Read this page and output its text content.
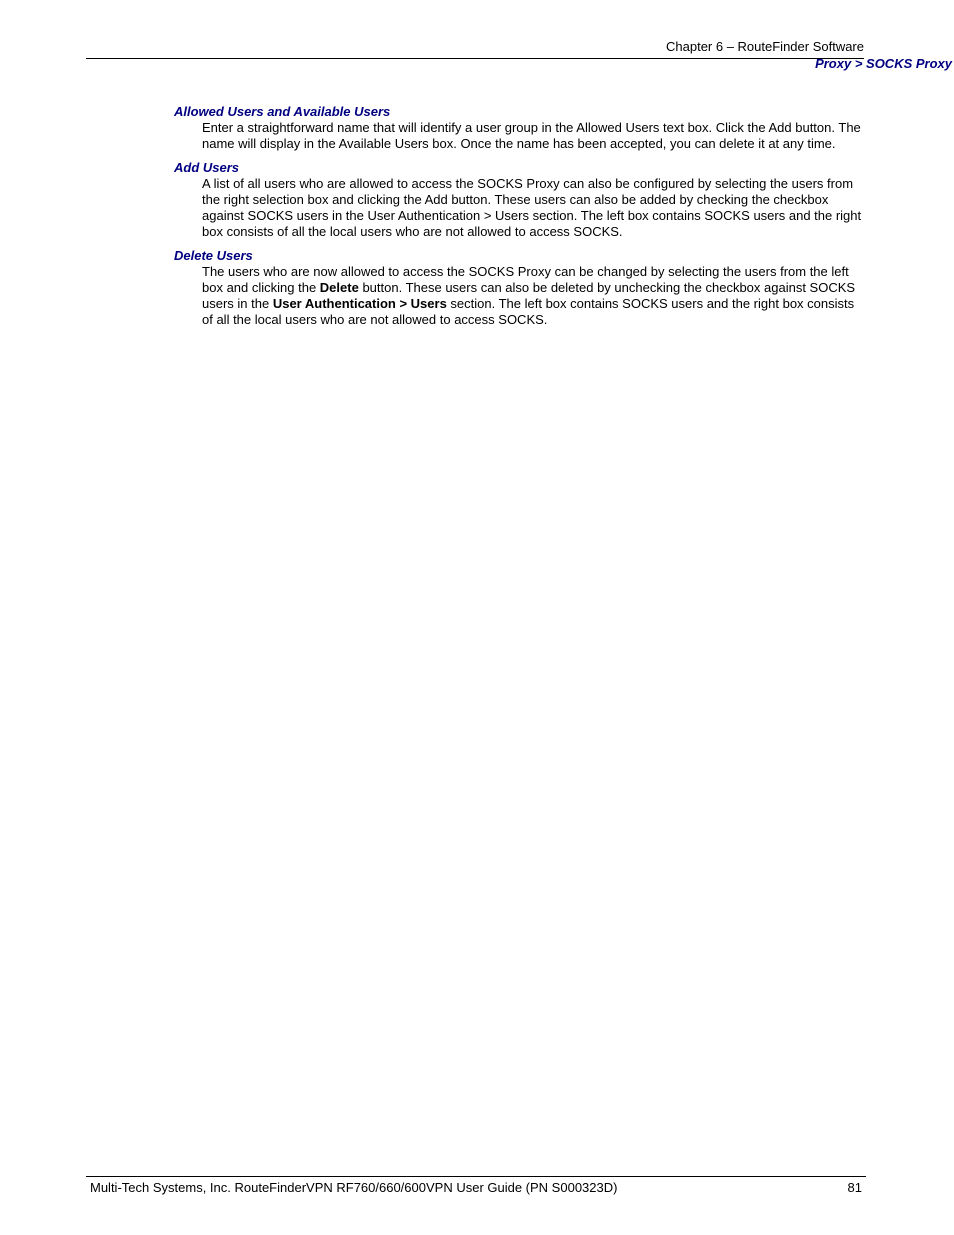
Chapter 6 – RouteFinder Software
Proxy > SOCKS Proxy
Allowed Users and Available Users

Enter a straightforward name that will identify a user group in the Allowed Users text box. Click the Add button. The name will display in the Available Users box. Once the name has been accepted, you can delete it at any time.

Add Users

A list of all users who are allowed to access the SOCKS Proxy can also be configured by selecting the users from the right selection box and clicking the Add button. These users can also be added by checking the checkbox against SOCKS users in the User Authentication > Users section. The left box contains SOCKS users and the right box consists of all the local users who are not allowed to access SOCKS.

Delete Users

The users who are now allowed to access the SOCKS Proxy can be changed by selecting the users from the left box and clicking the Delete button. These users can also be deleted by unchecking the checkbox against SOCKS users in the User Authentication > Users section. The left box contains SOCKS users and the right box consists of all the local users who are not allowed to access SOCKS.

Multi-Tech Systems, Inc. RouteFinderVPN RF760/660/600VPN User Guide (PN S000323D)	81
